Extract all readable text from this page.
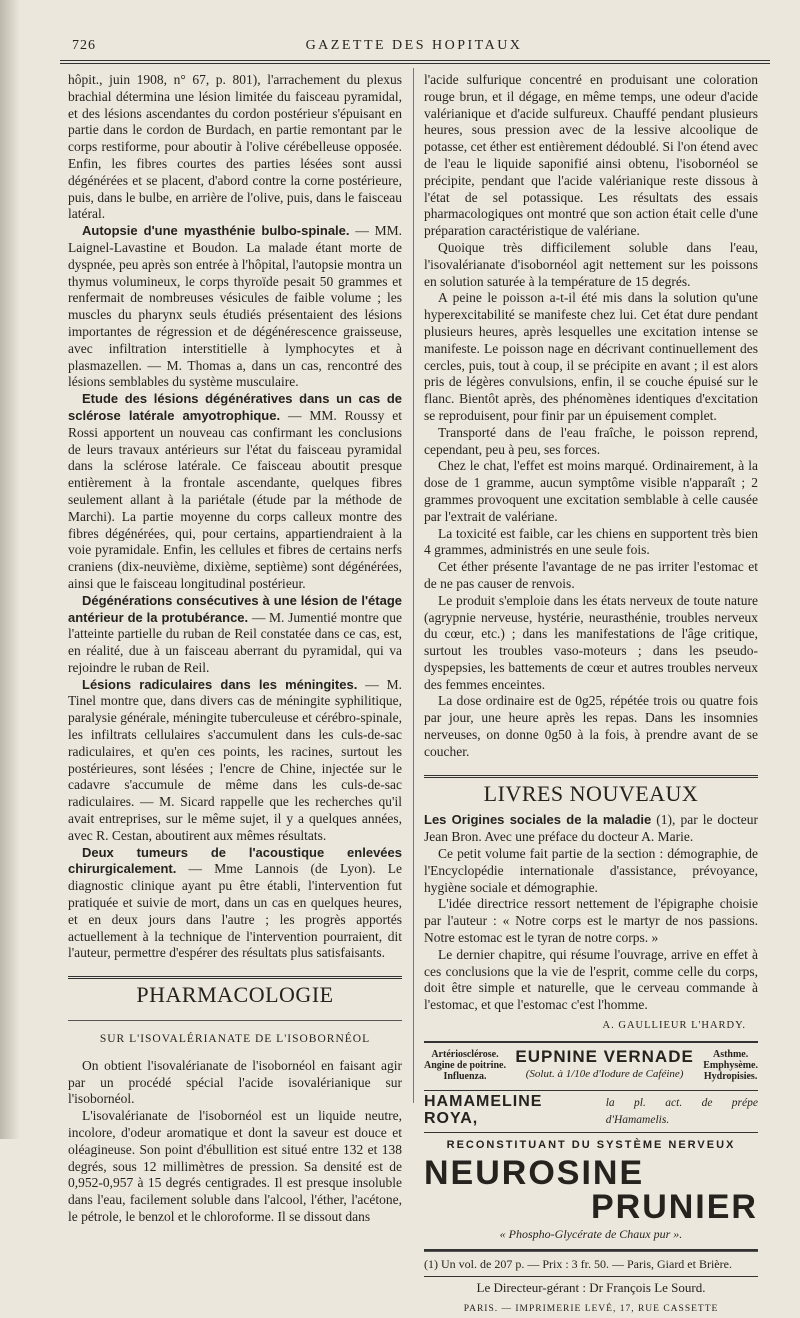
726	GAZETTE DES HOPITAUX

hôpit., juin 1908, n° 67, p. 801), l'arrachement du plexus brachial détermina une lésion limitée du faisceau pyramidal, et des lésions ascendantes du cordon postérieur s'épuisant en partie dans le cordon de Burdach, en partie remontant par le corps restiforme, pour aboutir à l'olive cérébelleuse opposée. Enfin, les fibres courtes des parties lésées sont aussi dégénérées et se placent, d'abord contre la corne postérieure, puis, dans le bulbe, en arrière de l'olive, puis, dans le faisceau latéral.

Autopsie d'une myasthénie bulbo-spinale. — MM. Laignel-Lavastine et Boudon. La malade étant morte de dyspnée, peu après son entrée à l'hôpital, l'autopsie montra un thymus volumineux, le corps thyroïde pesait 50 grammes et renfermait de nombreuses vésicules de faible volume ; les muscles du pharynx seuls étudiés présentaient des lésions importantes de régression et de dégénérescence graisseuse, avec infiltration interstitielle à lymphocytes et à plasmazellen. — M. Thomas a, dans un cas, rencontré des lésions semblables du système musculaire.

Etude des lésions dégénératives dans un cas de sclérose latérale amyotrophique. — MM. Roussy et Rossi apportent un nouveau cas confirmant les conclusions de leurs travaux antérieurs sur l'état du faisceau pyramidal dans la sclérose latérale. Ce faisceau aboutit presque entièrement à la frontale ascendante, quelques fibres seulement allant à la pariétale (étude par la méthode de Marchi). La partie moyenne du corps calleux montre des fibres dégénérées, qui, pour certains, appartiendraient à la voie pyramidale. Enfin, les cellules et fibres de certains nerfs craniens (dix-neuvième, dixième, septième) sont dégénérées, ainsi que le faisceau longitudinal postérieur.

Dégénérations consécutives à une lésion de l'étage antérieur de la protubérance. — M. Jumentié montre que l'atteinte partielle du ruban de Reil constatée dans ce cas, est, en réalité, due à un faisceau aberrant du pyramidal, qui va rejoindre le ruban de Reil.

Lésions radiculaires dans les méningites. — M. Tinel montre que, dans divers cas de méningite syphilitique, paralysie générale, méningite tuberculeuse et cérébro-spinale, les infiltrats cellulaires s'accumulent dans les culs-de-sac radiculaires, et qu'en ces points, les racines, surtout les postérieures, sont lésées ; l'encre de Chine, injectée sur le cadavre s'accumule de même dans les culs-de-sac radiculaires. — M. Sicard rappelle que les recherches qu'il avait entreprises, sur le même sujet, il y a quelques années, avec R. Cestan, aboutirent aux mêmes résultats.

Deux tumeurs de l'acoustique enlevées chirurgicalement. — Mme Lannois (de Lyon). Le diagnostic clinique ayant pu être établi, l'intervention fut pratiquée et suivie de mort, dans un cas en quelques heures, et en deux jours dans l'autre ; les progrès apportés actuellement à la technique de l'intervention pourraient, dit l'auteur, permettre d'espérer des résultats plus satisfaisants.

PHARMACOLOGIE
SUR L'ISOVALÉRIANATE DE L'ISOBORNÉOL

On obtient l'isovalérianate de l'isobornéol en faisant agir par un procédé spécial l'acide isovalérianique sur l'isobornéol.

L'isovalérianate de l'isobornéol est un liquide neutre, incolore, d'odeur aromatique et dont la saveur est douce et oléagineuse. Son point d'ébullition est situé entre 132 et 138 degrés, sous 12 millimètres de pression. Sa densité est de 0,952-0,957 à 15 degrés centigrades. Il est presque insoluble dans l'eau, facilement soluble dans l'alcool, l'éther, l'acétone, le pétrole, le benzol et le chloroforme. Il se dissout dans

l'acide sulfurique concentré en produisant une coloration rouge brun, et il dégage, en même temps, une odeur d'acide valérianique et d'acide sulfureux. Chauffé pendant plusieurs heures, sous pression avec de la lessive alcoolique de potasse, cet éther est entièrement dédoublé. Si l'on étend avec de l'eau le liquide saponifié ainsi obtenu, l'isobornéol se précipite, pendant que l'acide valérianique reste dissous à l'état de sel potassique. Les résultats des essais pharmacologiques ont montré que son action était celle d'une préparation caractéristique de valériane.

Quoique très difficilement soluble dans l'eau, l'isovalérianate d'isobornéol agit nettement sur les poissons en solution saturée à la température de 15 degrés.

A peine le poisson a-t-il été mis dans la solution qu'une hyperexcitabilité se manifeste chez lui. Cet état dure pendant plusieurs heures, après lesquelles une excitation intense se manifeste. Le poisson nage en décrivant continuellement des cercles, puis, tout à coup, il se précipite en avant ; il est alors pris de légères convulsions, enfin, il se couche épuisé sur le flanc. Bientôt après, des phénomènes identiques d'excitation se reproduisent, pour finir par un épuisement complet.

Transporté dans de l'eau fraîche, le poisson reprend, cependant, peu à peu, ses forces.

Chez le chat, l'effet est moins marqué. Ordinairement, à la dose de 1 gramme, aucun symptôme visible n'apparaît ; 2 grammes provoquent une excitation semblable à celle causée par l'extrait de valériane.

La toxicité est faible, car les chiens en supportent très bien 4 grammes, administrés en une seule fois.

Cet éther présente l'avantage de ne pas irriter l'estomac et de ne pas causer de renvois.

Le produit s'emploie dans les états nerveux de toute nature (agrypnie nerveuse, hystérie, neurasthénie, troubles nerveux du cœur, etc.) ; dans les manifestations de l'âge critique, surtout les troubles vaso-moteurs ; dans les pseudo-dyspepsies, les battements de cœur et autres troubles nerveux des femmes enceintes.

La dose ordinaire est de 0g25, répétée trois ou quatre fois par jour, une heure après les repas. Dans les insomnies nerveuses, on donne 0g50 à la fois, à prendre avant de se coucher.

LIVRES NOUVEAUX

Les Origines sociales de la maladie (1), par le docteur Jean Bron. Avec une préface du docteur A. Marie.

Ce petit volume fait partie de la section : démographie, de l'Encyclopédie internationale d'assistance, prévoyance, hygiène sociale et démographie.

L'idée directrice ressort nettement de l'épigraphe choisie par l'auteur : « Notre corps est le martyr de nos passions. Notre estomac est le tyran de notre corps. »

Le dernier chapitre, qui résume l'ouvrage, arrive en effet à ces conclusions que la vie de l'esprit, comme celle du corps, doit être simple et naturelle, que le cerveau commande à l'estomac, et que l'estomac c'est l'homme.

A. GAULLIEUR L'HARDY.
Artériosclérose.
Angine de poitrine.
Influenza.
EUPNINE VERNADE
(Solut. à 1/10e d'Iodure de Caféine)
Asthme.
Emphysème.
Hydropisies.
HAMAMELINE ROYA,
la pl. act. de prépe d'Hamamelis.
RECONSTITUANT DU SYSTÈME NERVEUX
NEUROSINE
PRUNIER
« Phospho-Glycérate de Chaux pur ».

(1) Un vol. de 207 p. — Prix : 3 fr. 50. — Paris, Giard et Brière.

Le Directeur-gérant : Dr François Le Sourd.
PARIS. — IMPRIMERIE LEVÉ, 17, RUE CASSETTE
